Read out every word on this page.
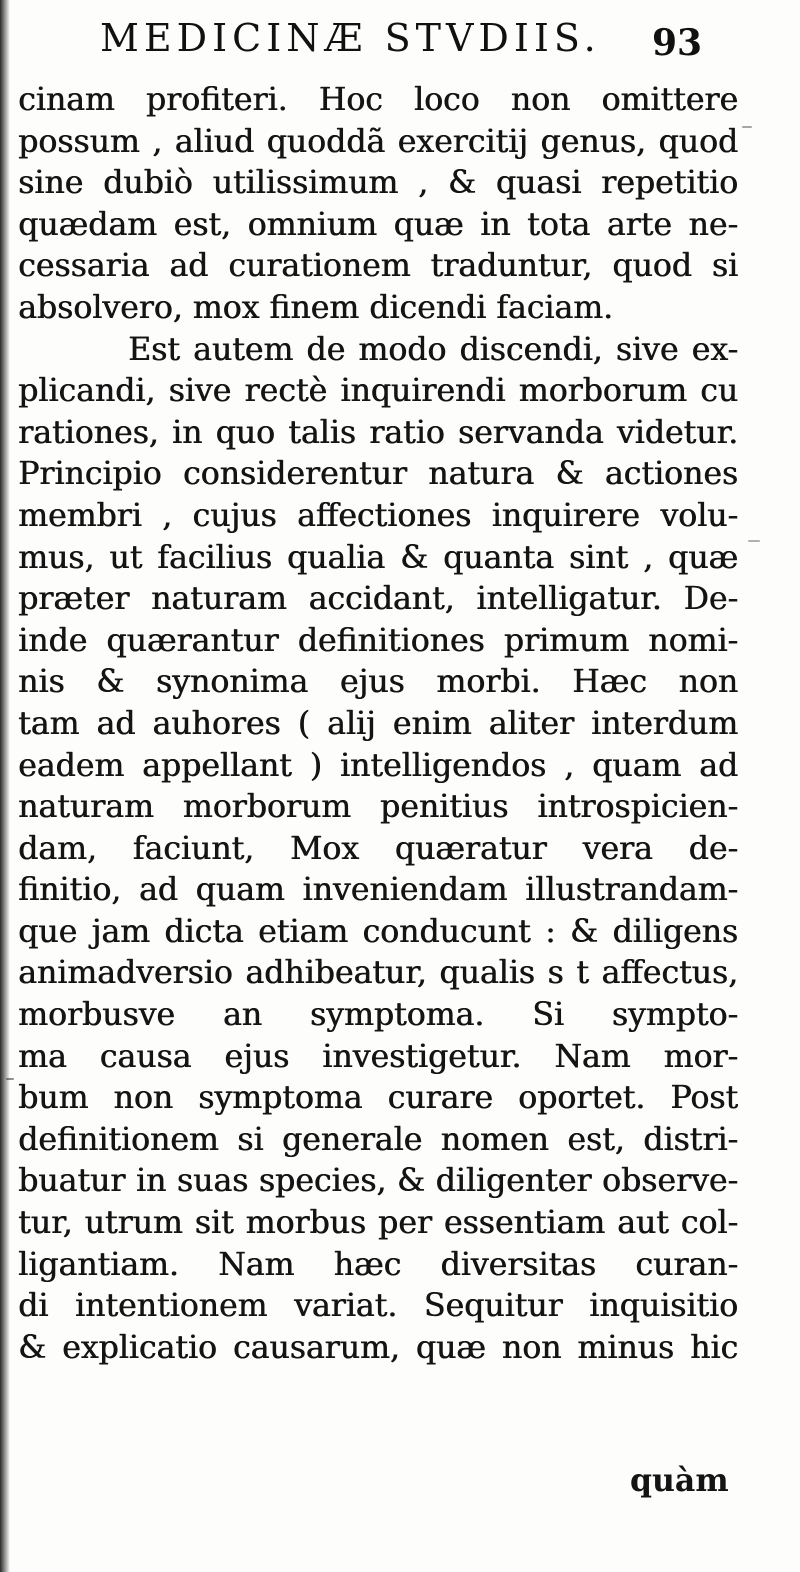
MEDICINÆ STVDIIS. 93
cinam profiteri. Hoc loco non omittere
possum , aliud quoddã exercitij genus, quod
sine dubiò utilissimum , & quasi repetitio
quædam est, omnium quæ in tota arte ne-
cessaria ad curationem traduntur, quod si
absolvero, mox finem dicendi faciam.
Est autem de modo discendi, sive ex-
plicandi, sive rectè inquirendi morborum cu
rationes, in quo talis ratio servanda videtur.
Principio considerentur natura & actiones
membri , cujus affectiones inquirere volu-
mus, ut facilius qualia & quanta sint , quæ
præter naturam accidant, intelligatur. De-
inde quærantur definitiones primum nomi-
nis & synonima ejus morbi. Hæc non
tam ad auhores ( alij enim aliter interdum
eadem appellant ) intelligendos , quam ad
naturam morborum penitius introspicien-
dam, faciunt, Mox quæratur vera de-
finitio, ad quam inveniendam illustrandam-
que jam dicta etiam conducunt : & diligens
animadversio adhibeatur, qualis s t affectus,
morbusve an symptoma. Si sympto-
ma causa ejus investigetur. Nam mor-
bum non symptoma curare oportet. Post
definitionem si generale nomen est, distri-
buatur in suas species, & diligenter observe-
tur, utrum sit morbus per essentiam aut col-
ligantiam. Nam hæc diversitas curan-
di intentionem variat. Sequitur inquisitio
& explicatio causarum, quæ non minus hic
quàm
